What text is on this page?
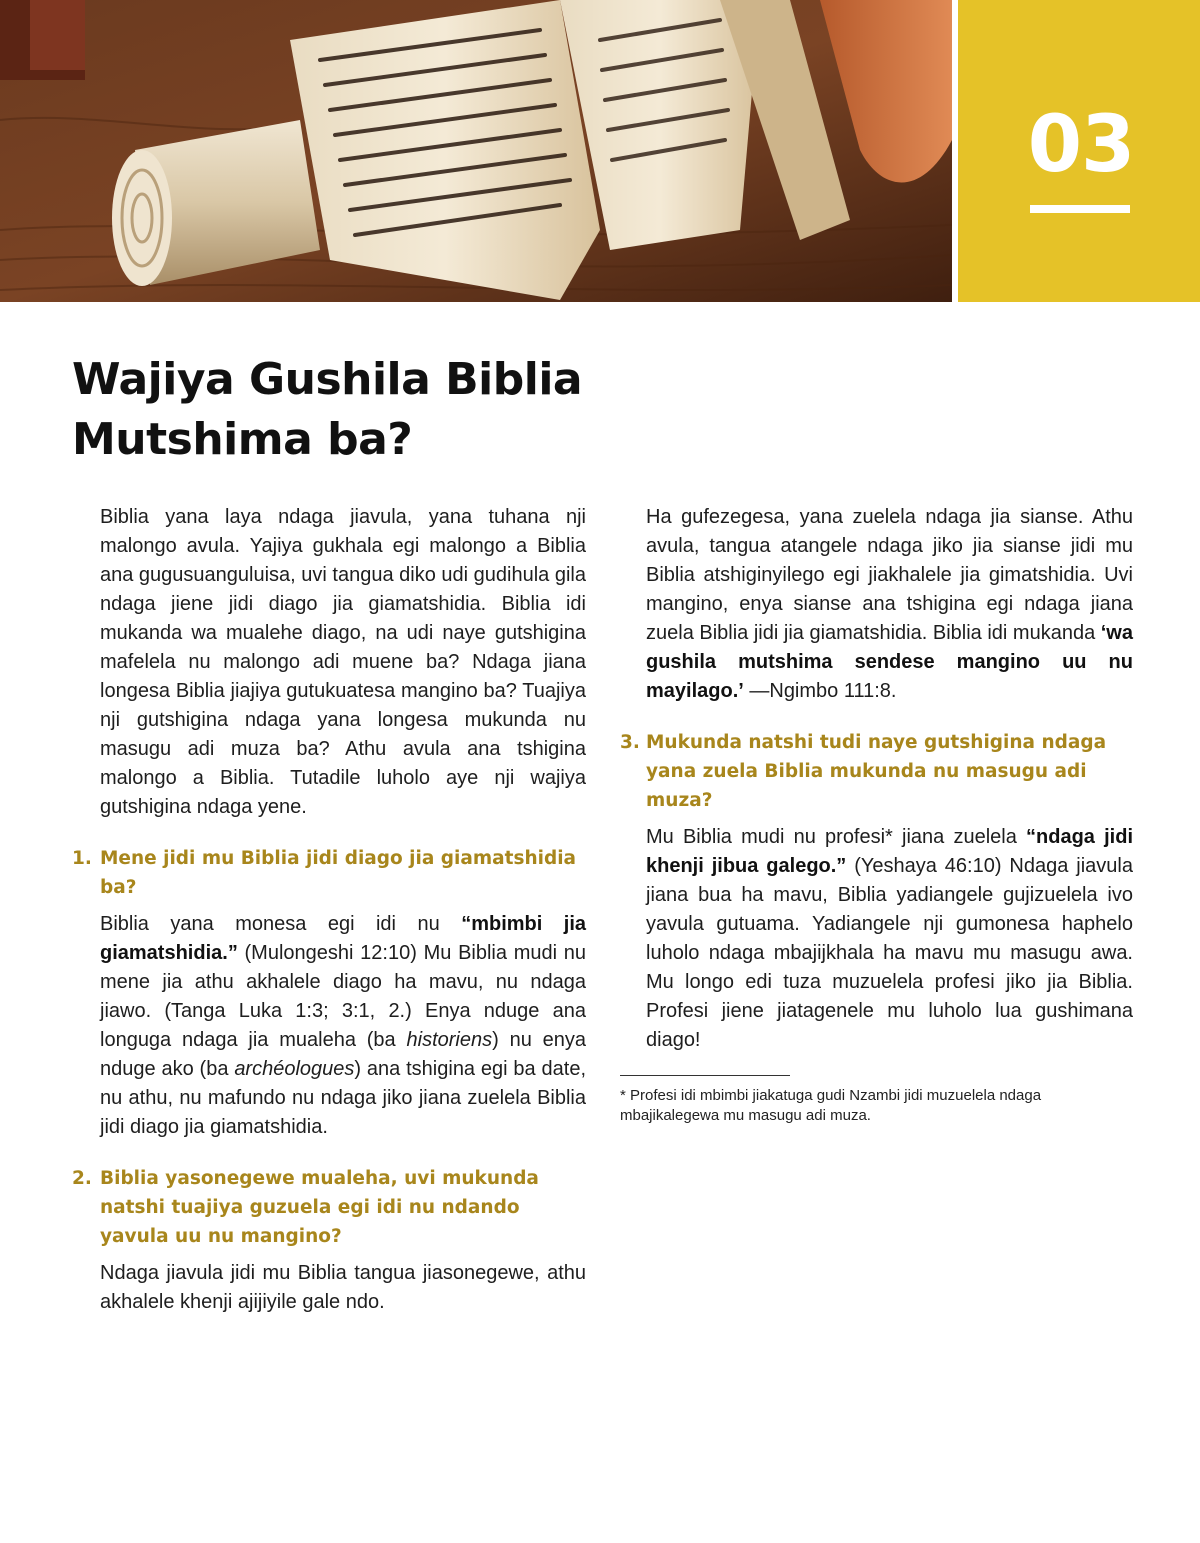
03
Wajiya Gushila Biblia Mutshima ba?

Biblia yana laya ndaga jiavula, yana tuhana nji malongo avula. Yajiya gukhala egi malongo a Biblia ana gugusuanguluisa, uvi tangua diko udi gudihula gila ndaga jiene jidi diago jia giamatshidia. Biblia idi mukanda wa mualehe diago, na udi naye gutshigina mafelela nu malongo adi muene ba? Ndaga jiana longesa Biblia jiajiya gutukuatesa mangino ba? Tuajiya nji gutshigina ndaga yana longesa mukunda nu masugu adi muza ba? Athu avula ana tshigina malongo a Biblia. Tutadile luholo aye nji wajiya gutshigina ndaga yene.

1. Mene jidi mu Biblia jidi diago jia giamatshidia ba?

Biblia yana monesa egi idi nu “mbimbi jia giamatshidia.” (Mulongeshi 12:10) Mu Biblia mudi nu mene jia athu akhalele diago ha mavu, nu ndaga jiawo. (Tanga Luka 1:3; 3:1, 2.) Enya nduge ana longuga ndaga jia mualeha (ba historiens) nu enya nduge ako (ba archéologues) ana tshigina egi ba date, nu athu, nu mafundo nu ndaga jiko jiana zuelela Biblia jidi diago jia giamatshidia.

2. Biblia yasonegewe mualeha, uvi mukunda natshi tuajiya guzuela egi idi nu ndando yavula uu nu mangino?

Ndaga jiavula jidi mu Biblia tangua jiasonegewe, athu akhalele khenji ajijiyile gale ndo.

Ha gufezegesa, yana zuelela ndaga jia sianse. Athu avula, tangua atangele ndaga jiko jia sianse jidi mu Biblia atshiginyilego egi jiakhalele jia gimatshidia. Uvi mangino, enya sianse ana tshigina egi ndaga jiana zuela Biblia jidi jia giamatshidia. Biblia idi mukanda ‘wa gushila mutshima sendese mangino uu nu mayilago.’ —Ngimbo 111:8.

3. Mukunda natshi tudi naye gutshigina ndaga yana zuela Biblia mukunda nu masugu adi muza?

Mu Biblia mudi nu profesi* jiana zuelela “ndaga jidi khenji jibua galego.” (Yeshaya 46:10) Ndaga jiavula jiana bua ha mavu, Biblia yadiangele gujizuelela ivo yavula gutuama. Yadiangele nji gumonesa haphelo luholo ndaga mbajijkhala ha mavu mu masugu awa. Mu longo edi tuza muzuelela profesi jiko jia Biblia. Profesi jiene jiatagenele mu luholo lua gushimana diago!

* Profesi idi mbimbi jiakatuga gudi Nzambi jidi muzuelela ndaga mbajikalegewa mu masugu adi muza.
